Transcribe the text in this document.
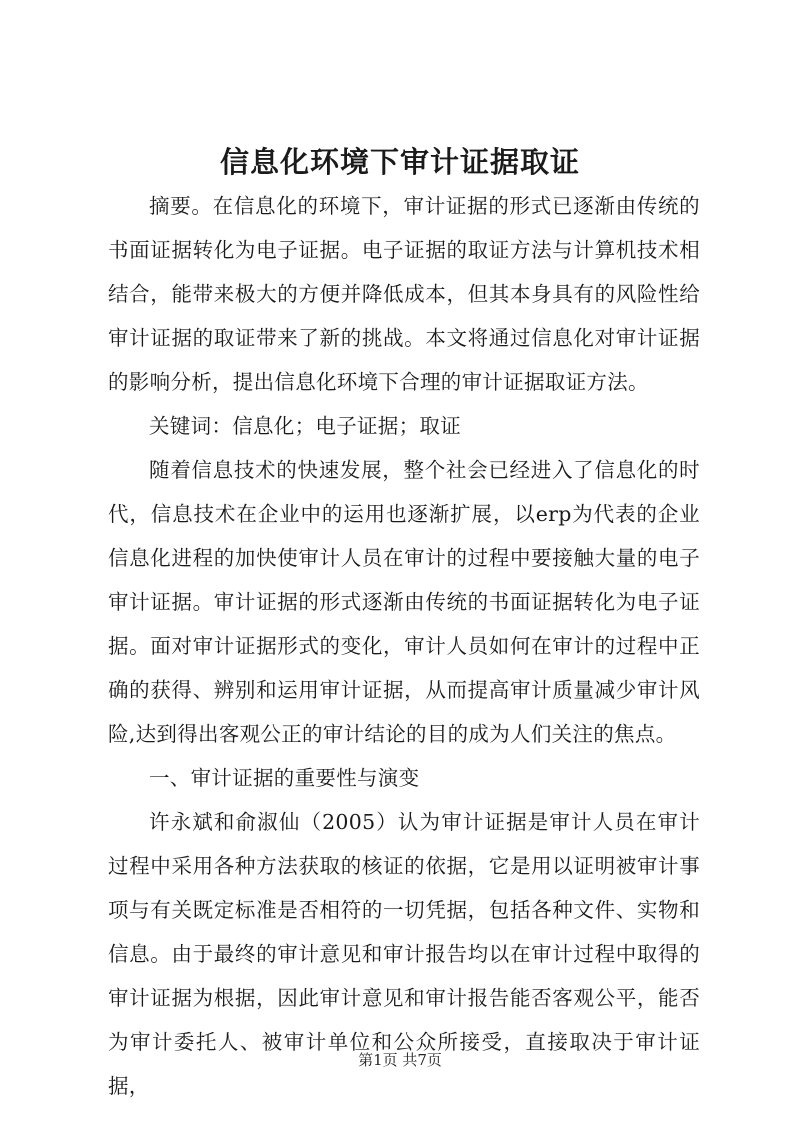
信息化环境下审计证据取证

摘要。在信息化的环境下，审计证据的形式已逐渐由传统的书面证据转化为电子证据。电子证据的取证方法与计算机技术相结合，能带来极大的方便并降低成本，但其本身具有的风险性给审计证据的取证带来了新的挑战。本文将通过信息化对审计证据的影响分析，提出信息化环境下合理的审计证据取证方法。

关键词：信息化；电子证据；取证

随着信息技术的快速发展，整个社会已经进入了信息化的时代，信息技术在企业中的运用也逐渐扩展，以erp为代表的企业信息化进程的加快使审计人员在审计的过程中要接触大量的电子审计证据。审计证据的形式逐渐由传统的书面证据转化为电子证据。面对审计证据形式的变化，审计人员如何在审计的过程中正确的获得、辨别和运用审计证据，从而提高审计质量减少审计风险,达到得出客观公正的审计结论的目的成为人们关注的焦点。

一、审计证据的重要性与演变

许永斌和俞淑仙（2005）认为审计证据是审计人员在审计过程中采用各种方法获取的核证的依据，它是用以证明被审计事项与有关既定标准是否相符的一切凭据，包括各种文件、实物和信息。由于最终的审计意见和审计报告均以在审计过程中取得的审计证据为根据，因此审计意见和审计报告能否客观公平，能否为审计委托人、被审计单位和公众所接受，直接取决于审计证据，

第1页 共7页
